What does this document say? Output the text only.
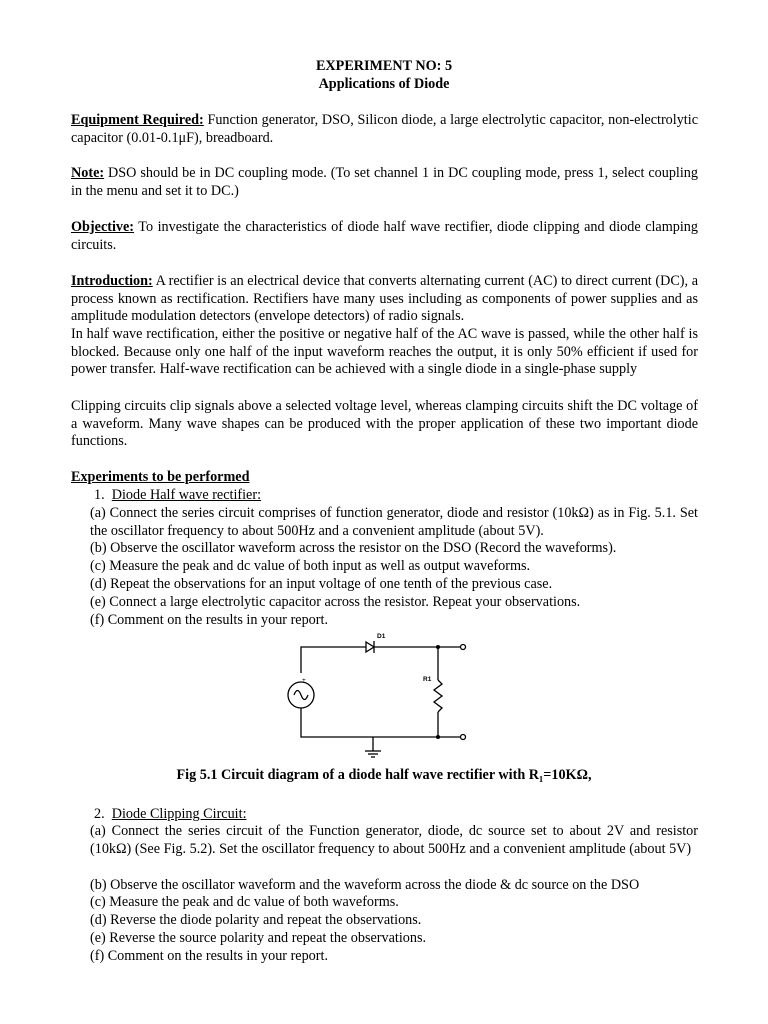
EXPERIMENT NO: 5
Applications of Diode
Equipment Required: Function generator, DSO, Silicon diode, a large electrolytic capacitor, non-electrolytic capacitor (0.01-0.1μF), breadboard.
Note: DSO should be in DC coupling mode. (To set channel 1 in DC coupling mode, press 1, select coupling in the menu and set it to DC.)
Objective: To investigate the characteristics of diode half wave rectifier, diode clipping and diode clamping circuits.
Introduction: A rectifier is an electrical device that converts alternating current (AC) to direct current (DC), a process known as rectification. Rectifiers have many uses including as components of power supplies and as amplitude modulation detectors (envelope detectors) of radio signals.
In half wave rectification, either the positive or negative half of the AC wave is passed, while the other half is blocked. Because only one half of the input waveform reaches the output, it is only 50% efficient if used for power transfer. Half-wave rectification can be achieved with a single diode in a single-phase supply
Clipping circuits clip signals above a selected voltage level, whereas clamping circuits shift the DC voltage of a waveform. Many wave shapes can be produced with the proper application of these two important diode functions.
Experiments to be performed
1. Diode Half wave rectifier:
(a) Connect the series circuit comprises of function generator, diode and resistor (10kΩ) as in Fig. 5.1. Set the oscillator frequency to about 500Hz and a convenient amplitude (about 5V).
(b) Observe the oscillator waveform across the resistor on the DSO (Record the waveforms).
(c) Measure the peak and dc value of both input as well as output waveforms.
(d) Repeat the observations for an input voltage of one tenth of the previous case.
(e) Connect a large electrolytic capacitor across the resistor. Repeat your observations.
(f) Comment on the results in your report.
D1
R1
+
Fig 5.1 Circuit diagram of a diode half wave rectifier with R₁=10KΩ,
2. Diode Clipping Circuit:
(a) Connect the series circuit of the Function generator, diode, dc source set to about 2V and resistor (10kΩ) (See Fig. 5.2). Set the oscillator frequency to about 500Hz and a convenient amplitude (about 5V)
(b) Observe the oscillator waveform and the waveform across the diode & dc source on the DSO
(c) Measure the peak and dc value of both waveforms.
(d) Reverse the diode polarity and repeat the observations.
(e) Reverse the source polarity and repeat the observations.
(f) Comment on the results in your report.
